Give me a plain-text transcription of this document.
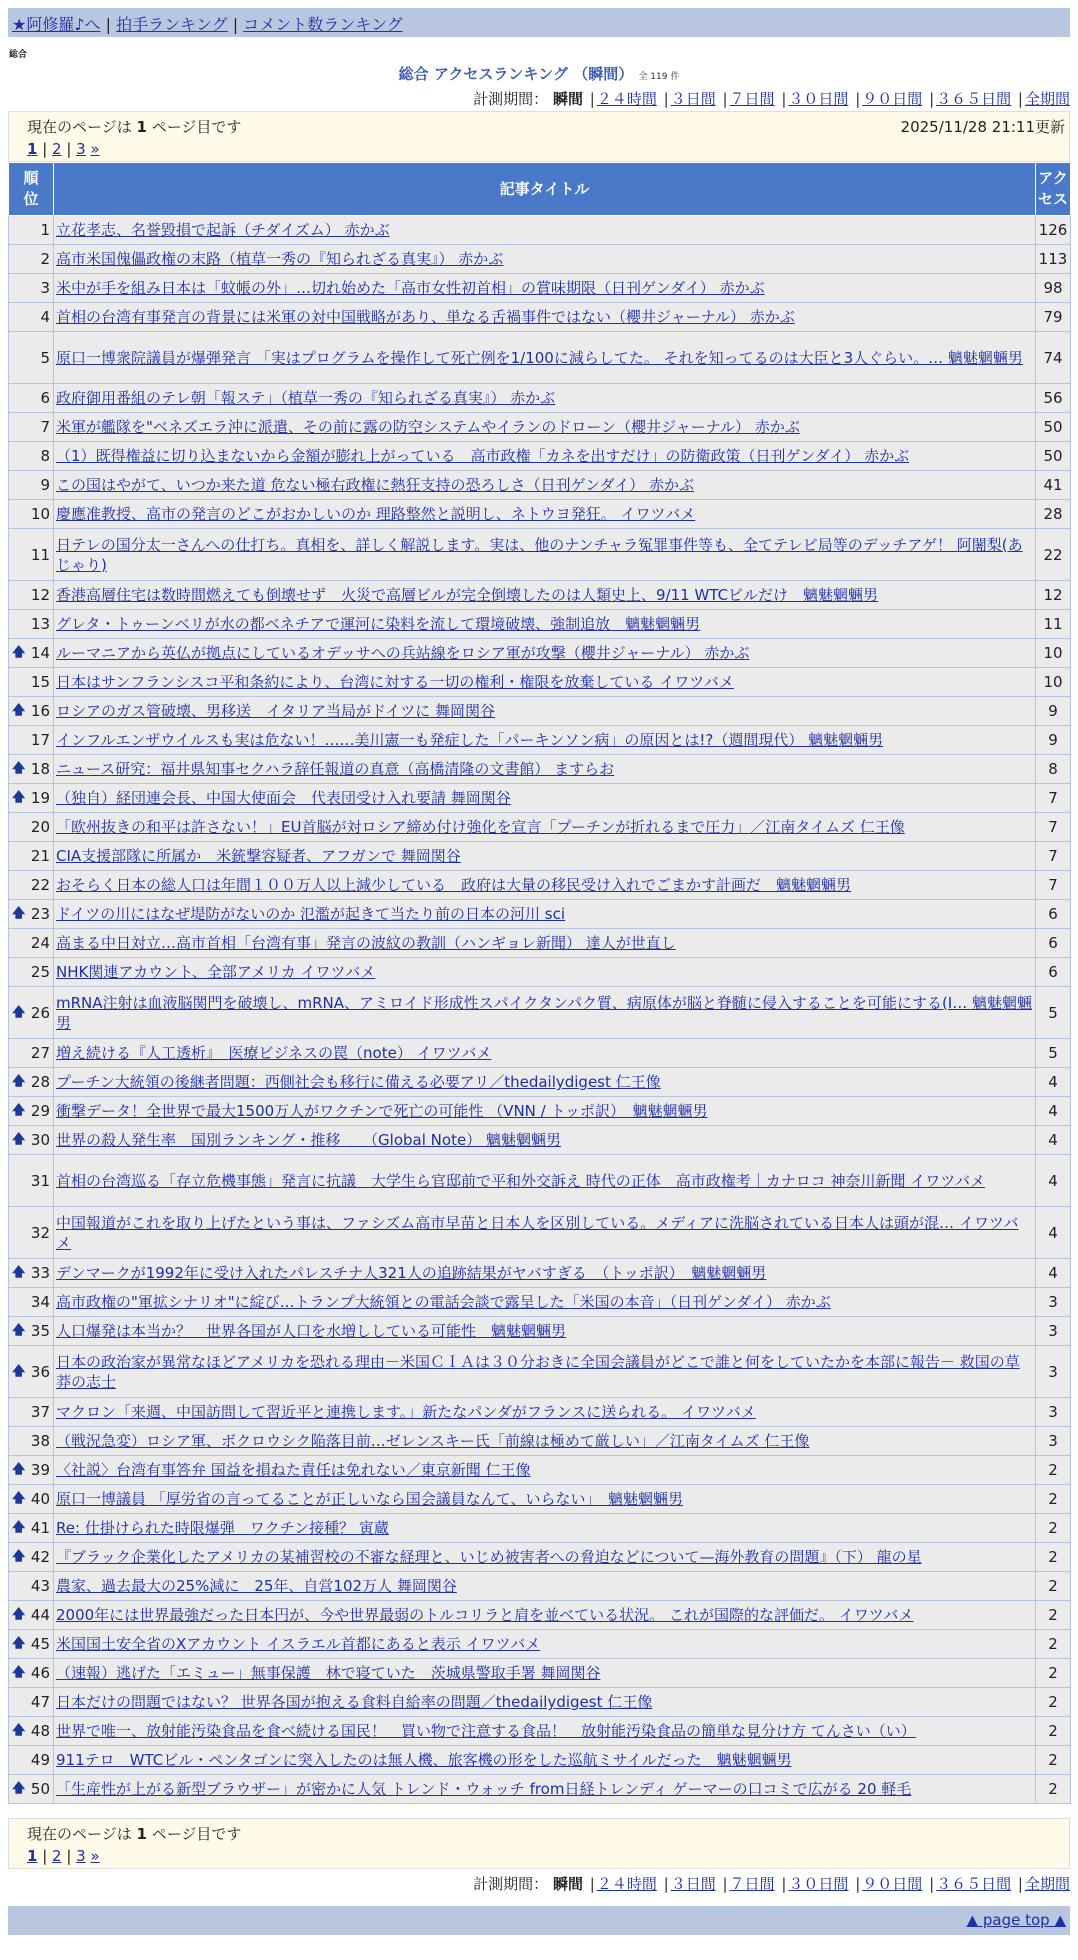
★阿修羅♪へ | 拍手ランキング | コメント数ランキング
総合
総合 アクセスランキング （瞬間） 全 119 件
計測期間： 瞬間 | ２４時間 | ３日間 | ７日間 | ３０日間 | ９０日間 | ３６５日間 | 全期間
現在のページは 1 ページ目です	2025/11/28 21:11更新
1 | 2 | 3 »
順位	記事タイトル	アクセス

1	立花孝志、名誉毀損で起訴（チダイズム） 赤かぶ	126
2	高市米国傀儡政権の末路（植草一秀の『知られざる真実』） 赤かぶ	113
3	米中が手を組み日本は「蚊帳の外」…切れ始めた「高市女性初首相」の賞味期限（日刊ゲンダイ） 赤かぶ	98
4	首相の台湾有事発言の背景には米軍の対中国戦略があり、単なる舌禍事件ではない（櫻井ジャーナル） 赤かぶ	79
5	原口一博衆院議員が爆弾発言 「実はプログラムを操作して死亡例を1/100に減らしてた。 それを知ってるのは大臣と3人ぐらい。… 魑魅魍魎男	74
6	政府御用番組のテレ朝「報ステ」（植草一秀の『知られざる真実』） 赤かぶ	56
7	米軍が艦隊を"ベネズエラ沖に派遣、その前に露の防空システムやイランのドローン（櫻井ジャーナル） 赤かぶ	50
8	（1）既得権益に切り込まないから金額が膨れ上がっている　高市政権「カネを出すだけ」の防衛政策（日刊ゲンダイ） 赤かぶ	50
9	この国はやがて、いつか来た道 危ない極右政権に熱狂支持の恐ろしさ（日刊ゲンダイ） 赤かぶ	41
10	慶應准教授、高市の発言のどこがおかしいのか 理路整然と説明し、ネトウヨ発狂。 イワツバメ	28
11	日テレの国分太一さんへの仕打ち。真相を、詳しく解説します。実は、他のナンチャラ冤罪事件等も、全てテレビ局等のデッチアゲ！ 阿闍梨(あじゃり)	22
12	香港高層住宅は数時間燃えても倒壊せず　火災で高層ビルが完全倒壊したのは人類史上、9/11 WTCビルだけ　魑魅魍魎男	12
13	グレタ・トゥーンベリが水の都ベネチアで運河に染料を流して環境破壊、強制追放　魑魅魍魎男	11

🡅 14	ルーマニアから英仏が拠点にしているオデッサへの兵站線をロシア軍が攻撃（櫻井ジャーナル） 赤かぶ	10
15	日本はサンフランシスコ平和条約により、台湾に対する一切の権利・権限を放棄している イワツバメ	10

🡅 16	ロシアのガス管破壊、男移送　イタリア当局がドイツに 舞岡関谷	9
17	インフルエンザウイルスも実は危ない！……美川憲一も発症した「パーキンソン病」の原因とは!?（週間現代） 魑魅魍魎男	9

🡅 18	ニュース研究：福井県知事セクハラ辞任報道の真意（高橋清隆の文書館） ますらお	8

🡅 19	（独自）経団連会長、中国大使面会　代表団受け入れ要請 舞岡関谷	7
20	「欧州抜きの和平は許さない！」EU首脳が対ロシア締め付け強化を宣言「プーチンが折れるまで圧力」／江南タイムズ 仁王像	7
21	CIA支援部隊に所属か　米銃撃容疑者、アフガンで 舞岡関谷	7
22	おそらく日本の総人口は年間１００万人以上減少している　政府は大量の移民受け入れでごまかす計画だ　魑魅魍魎男	7

🡅 23	ドイツの川にはなぜ堤防がないのか 氾濫が起きて当たり前の日本の河川 sci	6
24	高まる中日対立…高市首相「台湾有事」発言の波紋の教訓（ハンギョレ新聞） 達人が世直し	6
25	NHK関連アカウント、全部アメリカ イワツバメ	6

🡅 26	mRNA注射は血液脳関門を破壊し、mRNA、アミロイド形成性スパイクタンパク質、病原体が脳と脊髄に侵入することを可能にする(I… 魑魅魍魎男	5
27	増え続ける『人工透析』　医療ビジネスの罠（note） イワツバメ	5

🡅 28	プーチン大統領の後継者問題：西側社会も移行に備える必要アリ／thedailydigest 仁王像	4

🡅 29	衝撃データ！全世界で最大1500万人がワクチンで死亡の可能性 （VNN / トッポ訳）　魑魅魍魎男	4

🡅 30	世界の殺人発生率　国別ランキング・推移　　（Global Note） 魑魅魍魎男	4
31	首相の台湾巡る「存立危機事態」発言に抗議　大学生ら官邸前で平和外交訴え 時代の正体　高市政権考｜カナロコ 神奈川新聞 イワツバメ	4
32	中国報道がこれを取り上げたという事は、ファシズム高市早苗と日本人を区別している。メディアに洗脳されている日本人は頭が混… イワツバメ	4

🡅 33	デンマークが1992年に受け入れたパレスチナ人321人の追跡結果がヤバすぎる　（トッポ訳）　魑魅魍魎男	4
34	高市政権の"軍拡シナリオ"に綻び…トランプ大統領との電話会談で露呈した「米国の本音」（日刊ゲンダイ） 赤かぶ	3

🡅 35	人口爆発は本当か？　世界各国が人口を水増ししている可能性　魑魅魍魎男	3

🡅 36	日本の政治家が異常なほどアメリカを恐れる理由－米国ＣＩＡは３０分おきに全国会議員がどこで誰と何をしていたかを本部に報告－ 救国の草莽の志士	3
37	マクロン「来週、中国訪問して習近平と連携します。」新たなパンダがフランスに送られる。 イワツバメ	3
38	（戦況急変）ロシア軍、ボクロウシク陥落目前…ゼレンスキー氏「前線は極めて厳しい」／江南タイムズ 仁王像	3

🡅 39	〈社説〉台湾有事答弁 国益を損ねた責任は免れない／東京新聞 仁王像	2

🡅 40	原口一博議員 「厚労省の言ってることが正しいなら国会議員なんて、いらない」　魑魅魍魎男	2

🡅 41	Re: 仕掛けられた時限爆弾　ワクチン接種？ 寅蔵	2

🡅 42	『ブラック企業化したアメリカの某補習校の不審な経理と、いじめ被害者への脅迫などについて—海外教育の問題』（下） 龍の星	2
43	農家、過去最大の25%減に　25年、自営102万人 舞岡関谷	2

🡅 44	2000年には世界最強だった日本円が、今や世界最弱のトルコリラと肩を並べている状況。 これが国際的な評価だ。 イワツバメ	2

🡅 45	米国国土安全省のXアカウント イスラエル首都にあると表示 イワツバメ	2

🡅 46	（速報）逃げた「エミュー」無事保護　林で寝ていた　茨城県警取手署 舞岡関谷	2
47	日本だけの問題ではない？ 世界各国が抱える食料自給率の問題／thedailydigest 仁王像	2

🡅 48	世界で唯一、放射能汚染食品を食べ続ける国民！　買い物で注意する食品！　放射能汚染食品の簡単な見分け方 てんさい（い）	2
49	911テロ　WTCビル・ペンタゴンに突入したのは無人機、旅客機の形をした巡航ミサイルだった　魑魅魍魎男	2

🡅 50	「生産性が上がる新型ブラウザー」が密かに人気 トレンド・ウォッチ from日経トレンディ ゲーマーの口コミで広がる 20 軽毛	2
現在のページは 1 ページ目です
1 | 2 | 3 »
計測期間： 瞬間 | ２４時間 | ３日間 | ７日間 | ３０日間 | ９０日間 | ３６５日間 | 全期間
▲ page top ▲
